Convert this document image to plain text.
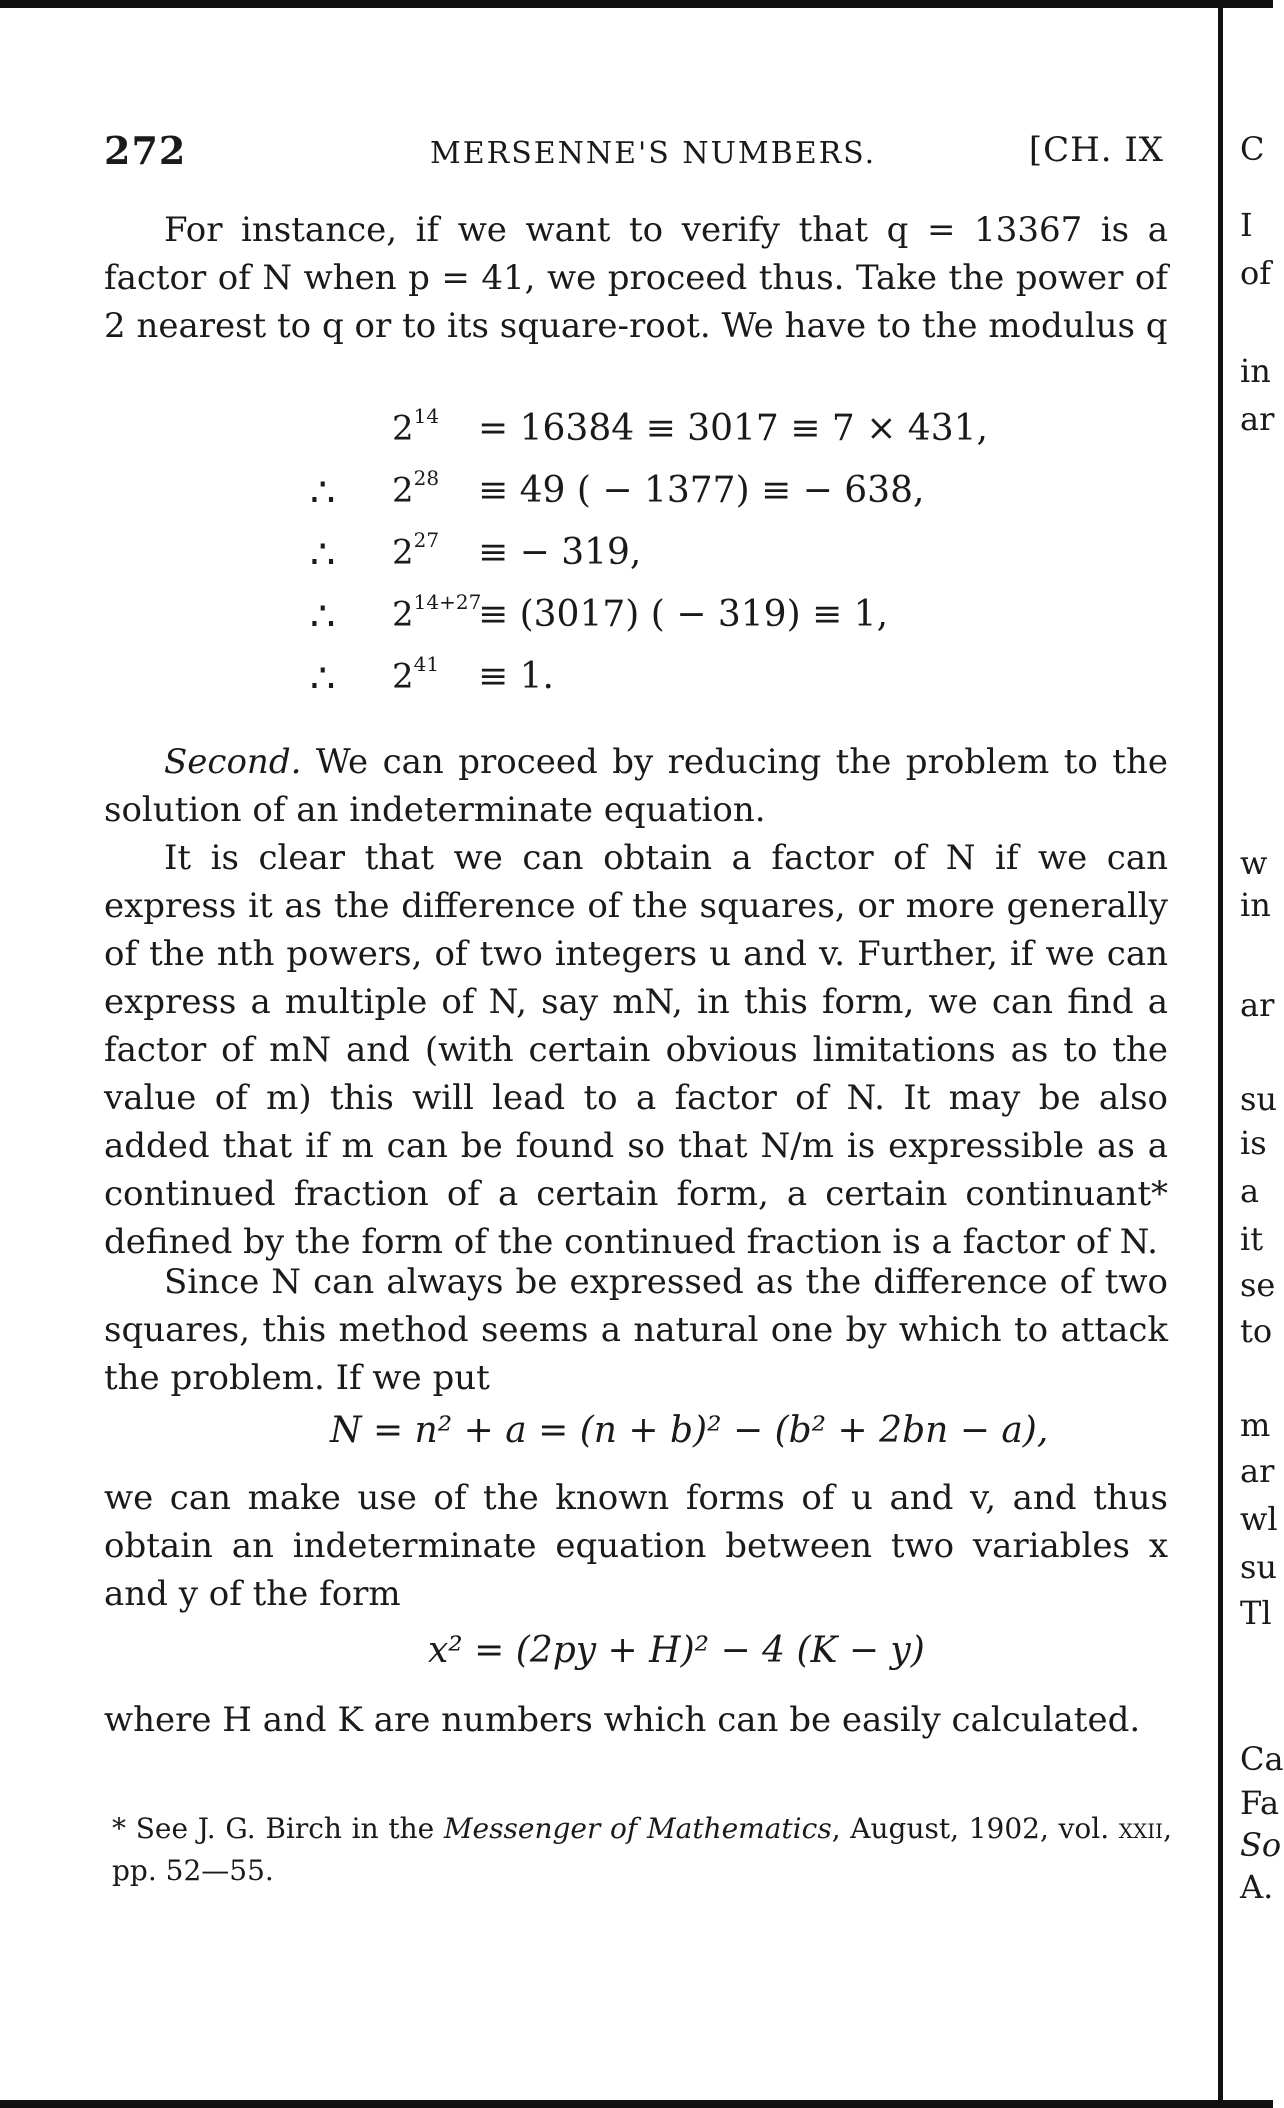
272	MERSENNE'S NUMBERS.	[CH. IX
For instance, if we want to verify that q = 13367 is a factor of N when p = 41, we proceed thus. Take the power of 2 nearest to q or to its square-root. We have to the modulus q
$2^{14} = 16384 \equiv 3017 \equiv 7 \times 431$,
∴ $2^{28} \equiv 49$ ( − 1377) ≡ − 638,
∴ $2^{27}$ ≡ − 319,
∴ $2^{14+27}$
≡ (3017) ( − 319) ≡ 1,
∴ $2^{41} \equiv 1$.
Second. We can proceed by reducing the problem to the solution of an indeterminate equation.
It is clear that we can obtain a factor of N if we can express it as the difference of the squares, or more generally of the nth powers, of two integers u and v. Further, if we can express a multiple of N, say mN, in this form, we can find a factor of mN and (with certain obvious limitations as to the value of m) this will lead to a factor of N. It may be also added that if m can be found so that N/m is expressible as a continued fraction of a certain form, a certain continuant* defined by the form of the continued fraction is a factor of N.
Since N can always be expressed as the difference of two squares, this method seems a natural one by which to attack the problem. If we put
N = n² + a = (n + b)² − (b² + 2bn − a),
we can make use of the known forms of u and v, and thus obtain an indeterminate equation between two variables x and y of the form
x² = (2py + H)² − 4 (K − y)
where H and K are numbers which can be easily calculated.
* See J. G. Birch in the Messenger of Mathematics, August, 1902, vol. xxii, pp. 52—55.
C
I
of
in
ar
w
in
ar
su
is
a
it
se
to
m
ar
wl
su
Tl
Ca
Fa
So
A.
